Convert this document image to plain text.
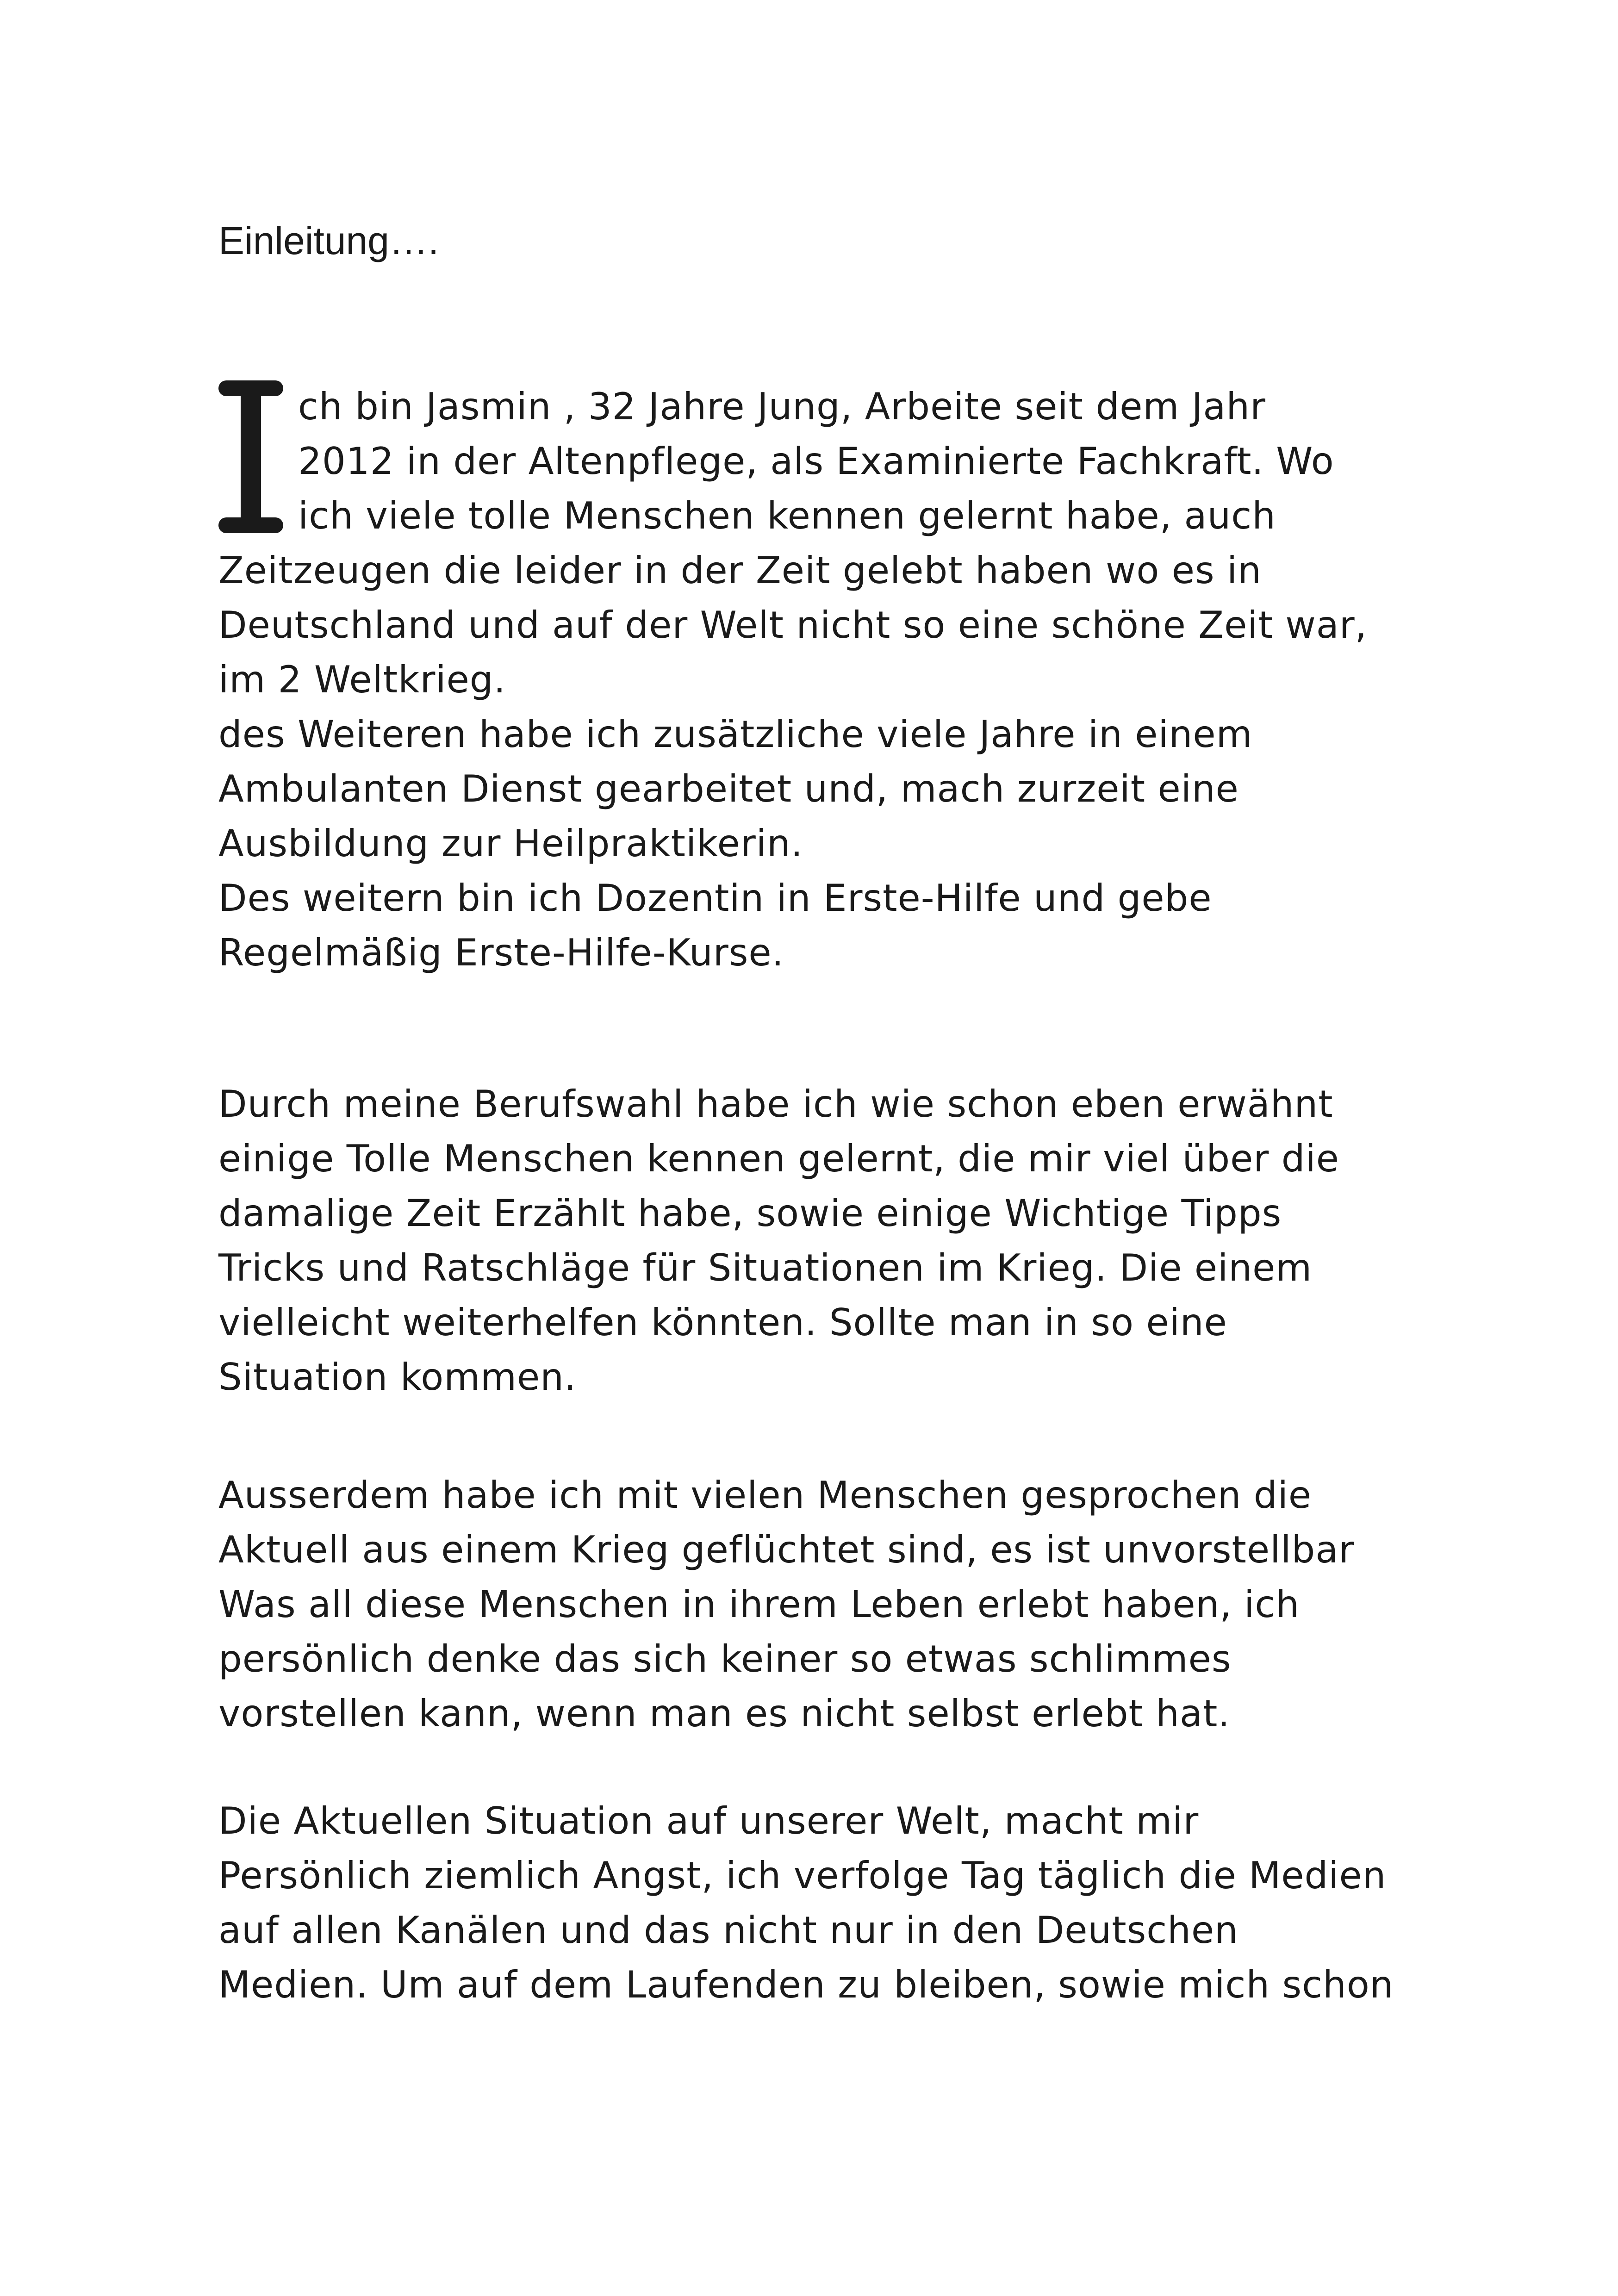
Einleitung….
ch bin Jasmin , 32 Jahre Jung, Arbeite seit dem Jahr
2012 in der Altenpflege, als Examinierte Fachkraft. Wo
ich viele tolle Menschen kennen gelernt habe, auch
Zeitzeugen die leider in der Zeit gelebt haben wo es in
Deutschland und auf der Welt nicht so eine schöne Zeit war,
im 2 Weltkrieg.
des Weiteren habe ich zusätzliche viele Jahre in einem
Ambulanten Dienst gearbeitet und, mach zurzeit eine
Ausbildung zur Heilpraktikerin.
Des weitern bin ich Dozentin in Erste-Hilfe und gebe
Regelmäßig Erste-Hilfe-Kurse.
Durch meine Berufswahl habe ich wie schon eben erwähnt
einige Tolle Menschen kennen gelernt, die mir viel über die
damalige Zeit Erzählt habe, sowie einige Wichtige Tipps
Tricks und Ratschläge für Situationen im Krieg. Die einem
vielleicht weiterhelfen könnten. Sollte man in so eine
Situation kommen.
Ausserdem habe ich mit vielen Menschen gesprochen die
Aktuell aus einem Krieg geflüchtet sind, es ist unvorstellbar
Was all diese Menschen in ihrem Leben erlebt haben, ich
persönlich denke das sich keiner so etwas schlimmes
vorstellen kann, wenn man es nicht selbst erlebt hat.
Die Aktuellen Situation auf unserer Welt, macht mir
Persönlich ziemlich Angst, ich verfolge Tag täglich die Medien
auf allen Kanälen und das nicht nur in den Deutschen
Medien. Um auf dem Laufenden zu bleiben, sowie mich schon
